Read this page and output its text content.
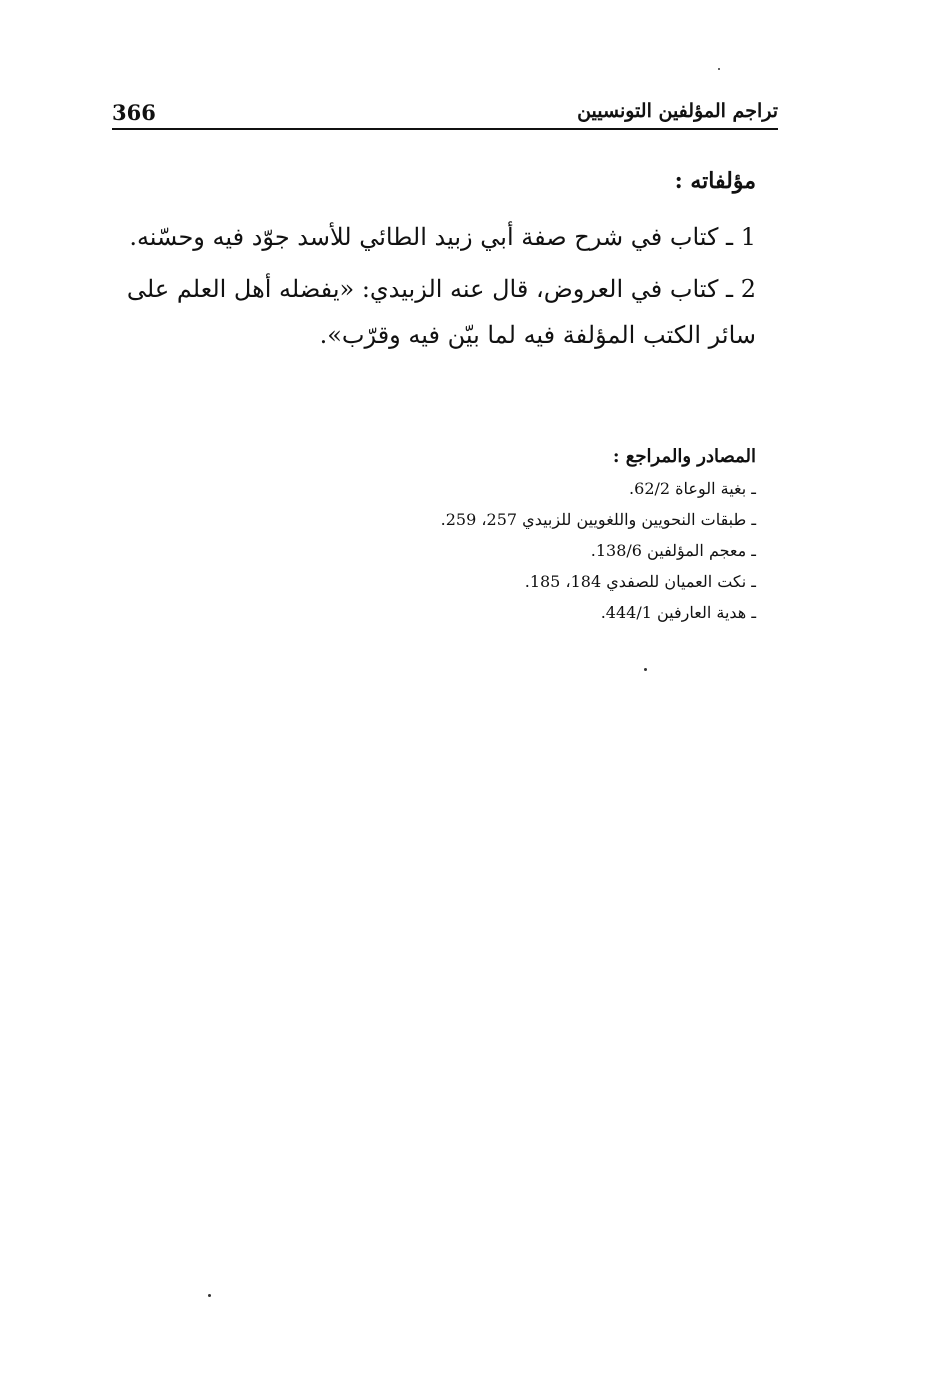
366	تراجم المؤلفين التونسيين
مؤلفاته :
1 ـ كتاب في شرح صفة أبي زبيد الطائي للأسد جوّد فيه وحسّنه.
2 ـ كتاب في العروض، قال عنه الزبيدي: «يفضله أهل العلم على سائر الكتب المؤلفة فيه لما بيّن فيه وقرّب».
المصادر والمراجع :
ـ بغية الوعاة 62/2.
ـ طبقات النحويين واللغويين للزبيدي 257، 259.
ـ معجم المؤلفين 138/6.
ـ نكت العميان للصفدي 184، 185.
ـ هدية العارفين 444/1.
